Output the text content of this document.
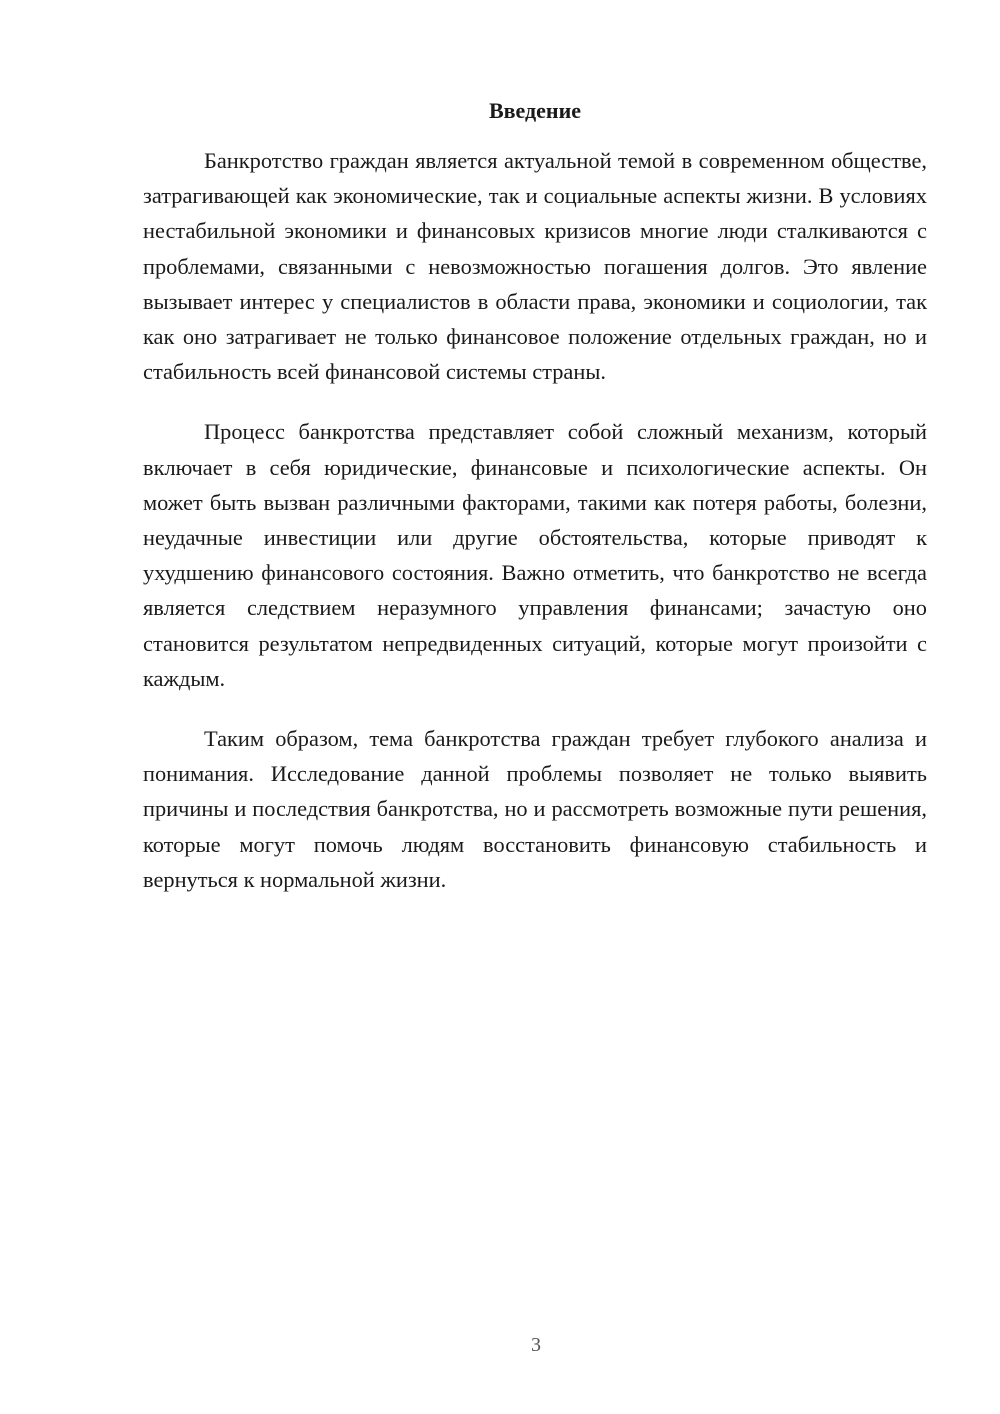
Введение

Банкротство граждан является актуальной темой в современном обществе, затрагивающей как экономические, так и социальные аспекты жизни. В условиях нестабильной экономики и финансовых кризисов многие люди сталкиваются с проблемами, связанными с невозможностью погашения долгов. Это явление вызывает интерес у специалистов в области права, экономики и социологии, так как оно затрагивает не только финансовое положение отдельных граждан, но и стабильность всей финансовой системы страны.

Процесс банкротства представляет собой сложный механизм, который включает в себя юридические, финансовые и психологические аспекты. Он может быть вызван различными факторами, такими как потеря работы, болезни, неудачные инвестиции или другие обстоятельства, которые приводят к ухудшению финансового состояния. Важно отметить, что банкротство не всегда является следствием неразумного управления финансами; зачастую оно становится результатом непредвиденных ситуаций, которые могут произойти с каждым.

Таким образом, тема банкротства граждан требует глубокого анализа и понимания. Исследование данной проблемы позволяет не только выявить причины и последствия банкротства, но и рассмотреть возможные пути решения, которые могут помочь людям восстановить финансовую стабильность и вернуться к нормальной жизни.

3
